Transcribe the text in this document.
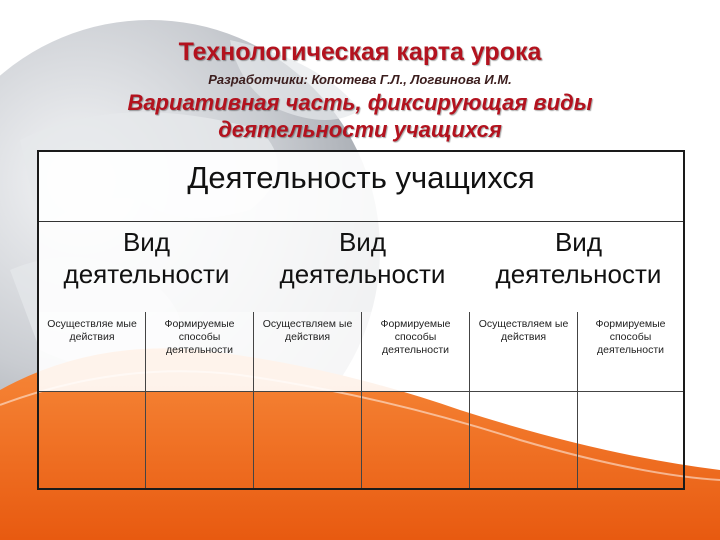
Технологическая карта урока
Разработчики: Копотева Г.Л., Логвинова И.М.
Вариативная часть, фиксирующая виды
деятельности учащихся
Деятельность учащихся
Вид
деятельности
Вид
деятельности
Вид
деятельности
Осуществляе мые действия
Формируемые способы деятельности
Осуществляем ые действия
Формируемые способы деятельности
Осуществляем ые действия
Формируемые способы деятельности
